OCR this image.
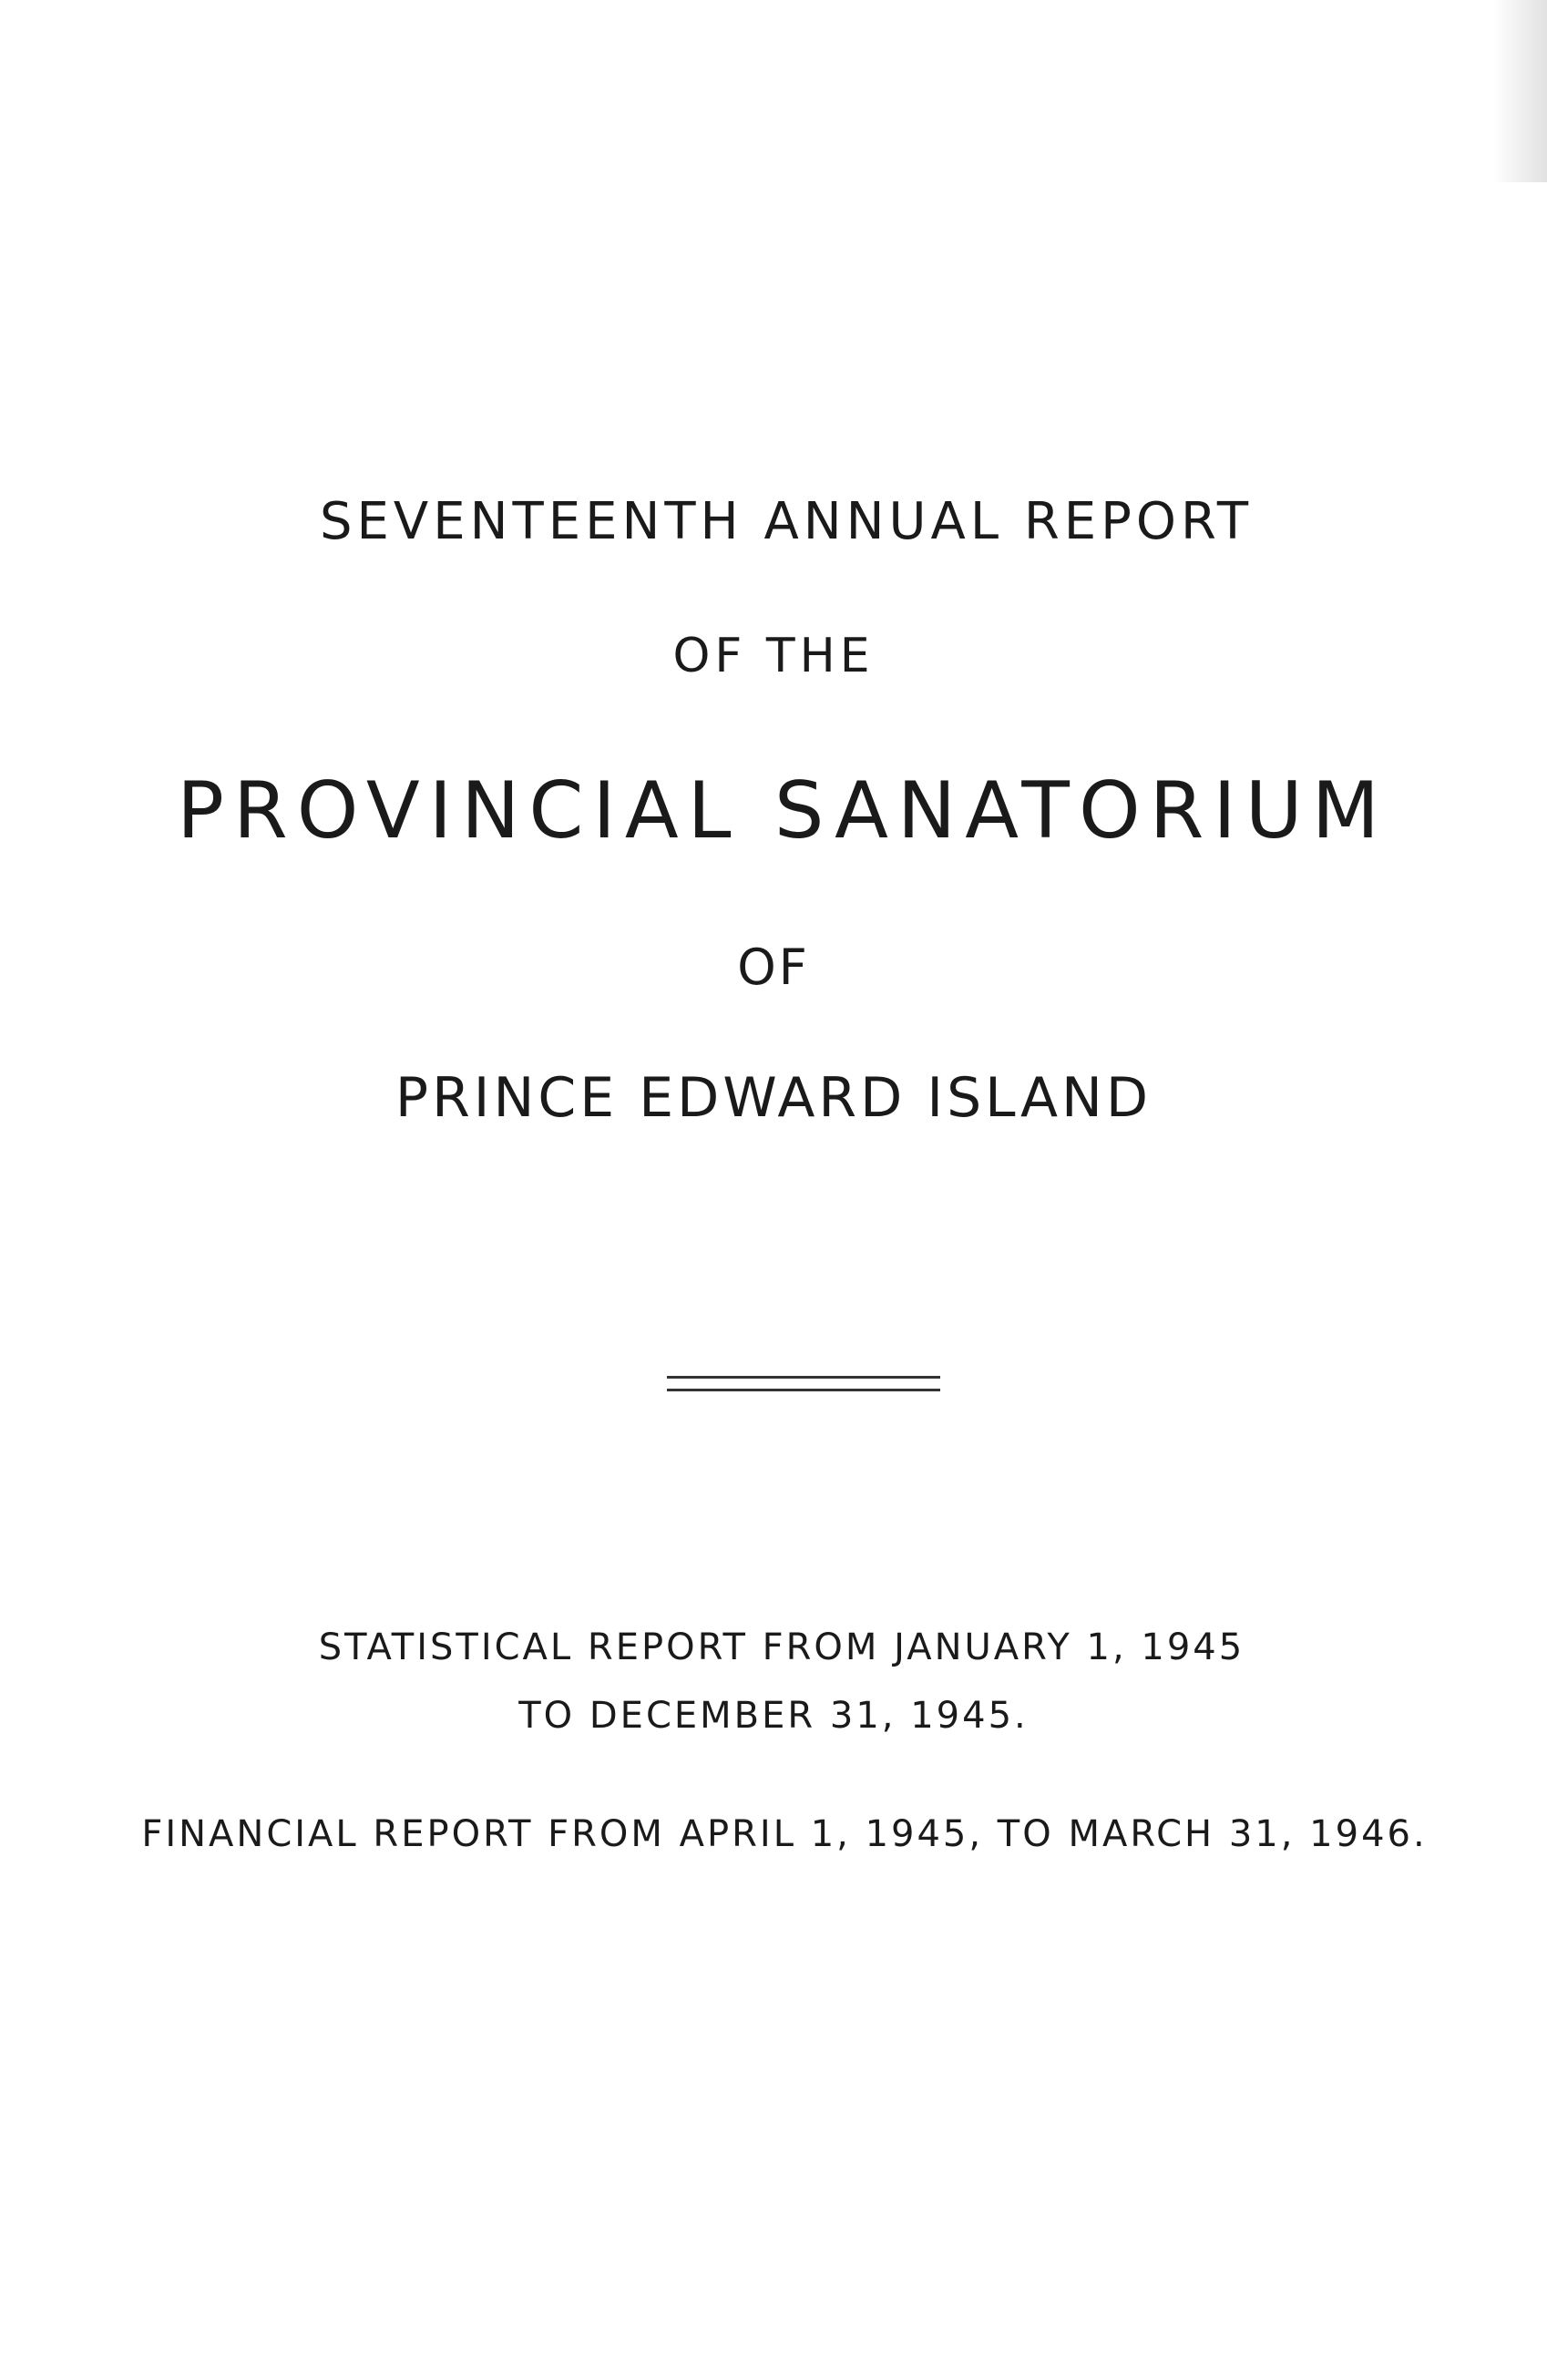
SEVENTEENTH ANNUAL REPORT
OF THE
PROVINCIAL SANATORIUM
OF
PRINCE EDWARD ISLAND
STATISTICAL REPORT FROM JANUARY 1, 1945
TO DECEMBER 31, 1945.
FINANCIAL REPORT FROM APRIL 1, 1945, TO MARCH 31, 1946.
